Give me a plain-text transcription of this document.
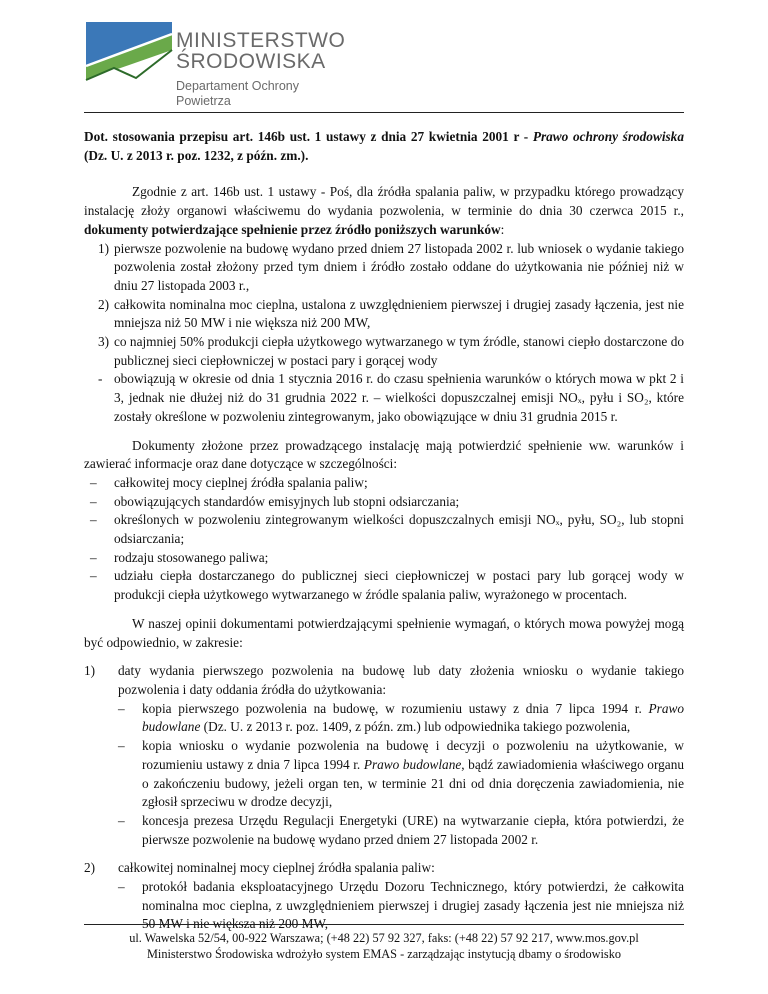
MINISTERSTWO
ŚRODOWISKA
Departament Ochrony
Powietrza

Dot. stosowania przepisu art. 146b ust. 1 ustawy z dnia 27 kwietnia 2001 r - Prawo ochrony środowiska (Dz. U. z 2013 r. poz. 1232, z późn. zm.).

Zgodnie z art. 146b ust. 1 ustawy - Poś, dla źródła spalania paliw, w przypadku którego prowadzący instalację złoży organowi właściwemu do wydania pozwolenia, w terminie do dnia 30 czerwca 2015 r., dokumenty potwierdzające spełnienie przez źródło poniższych warunków:

1) pierwsze pozwolenie na budowę wydano przed dniem 27 listopada 2002 r. lub wniosek o wydanie takiego pozwolenia został złożony przed tym dniem i źródło zostało oddane do użytkowania nie później niż w dniu 27 listopada 2003 r.,
2) całkowita nominalna moc cieplna, ustalona z uwzględnieniem pierwszej i drugiej zasady łączenia, jest nie mniejsza niż 50 MW i nie większa niż 200 MW,
3) co najmniej 50% produkcji ciepła użytkowego wytwarzanego w tym źródle, stanowi ciepło dostarczone do publicznej sieci ciepłowniczej w postaci pary i gorącej wody
- obowiązują w okresie od dnia 1 stycznia 2016 r. do czasu spełnienia warunków o których mowa w pkt 2 i 3, jednak nie dłużej niż do 31 grudnia 2022 r. – wielkości dopuszczalnej emisji NOₓ, pyłu i SO₂, które zostały określone w pozwoleniu zintegrowanym, jako obowiązujące w dniu 31 grudnia 2015 r.

Dokumenty złożone przez prowadzącego instalację mają potwierdzić spełnienie ww. warunków i zawierać informacje oraz dane dotyczące w szczególności:

– całkowitej mocy cieplnej źródła spalania paliw;
– obowiązujących standardów emisyjnych lub stopni odsiarczania;
– określonych w pozwoleniu zintegrowanym wielkości dopuszczalnych emisji NOₓ, pyłu, SO₂, lub stopni odsiarczania;
– rodzaju stosowanego paliwa;
– udziału ciepła dostarczanego do publicznej sieci ciepłowniczej w postaci pary lub gorącej wody w produkcji ciepła użytkowego wytwarzanego w źródle spalania paliw, wyrażonego w procentach.

W naszej opinii dokumentami potwierdzającymi spełnienie wymagań, o których mowa powyżej mogą być odpowiednio, w zakresie:

1) daty wydania pierwszego pozwolenia na budowę lub daty złożenia wniosku o wydanie takiego pozwolenia i daty oddania źródła do użytkowania:
– kopia pierwszego pozwolenia na budowę, w rozumieniu ustawy z dnia 7 lipca 1994 r. Prawo budowlane (Dz. U. z 2013 r. poz. 1409, z późn. zm.) lub odpowiednika takiego pozwolenia,
– kopia wniosku o wydanie pozwolenia na budowę i decyzji o pozwoleniu na użytkowanie, w rozumieniu ustawy z dnia 7 lipca 1994 r. Prawo budowlane, bądź zawiadomienia właściwego organu o zakończeniu budowy, jeżeli organ ten, w terminie 21 dni od dnia doręczenia zawiadomienia, nie zgłosił sprzeciwu w drodze decyzji,
– koncesja prezesa Urzędu Regulacji Energetyki (URE) na wytwarzanie ciepła, która potwierdzi, że pierwsze pozwolenie na budowę wydano przed dniem 27 listopada 2002 r.
2) całkowitej nominalnej mocy cieplnej źródła spalania paliw:
– protokół badania eksploatacyjnego Urzędu Dozoru Technicznego, który potwierdzi, że całkowita nominalna moc cieplna, z uwzględnieniem pierwszej i drugiej zasady łączenia jest nie mniejsza niż 50 MW i nie większa niż 200 MW,
ul. Wawelska 52/54, 00-922 Warszawa; (+48 22) 57 92 327, faks: (+48 22) 57 92 217, www.mos.gov.pl
Ministerstwo Środowiska wdrożyło system EMAS - zarządzając instytucją dbamy o środowisko
